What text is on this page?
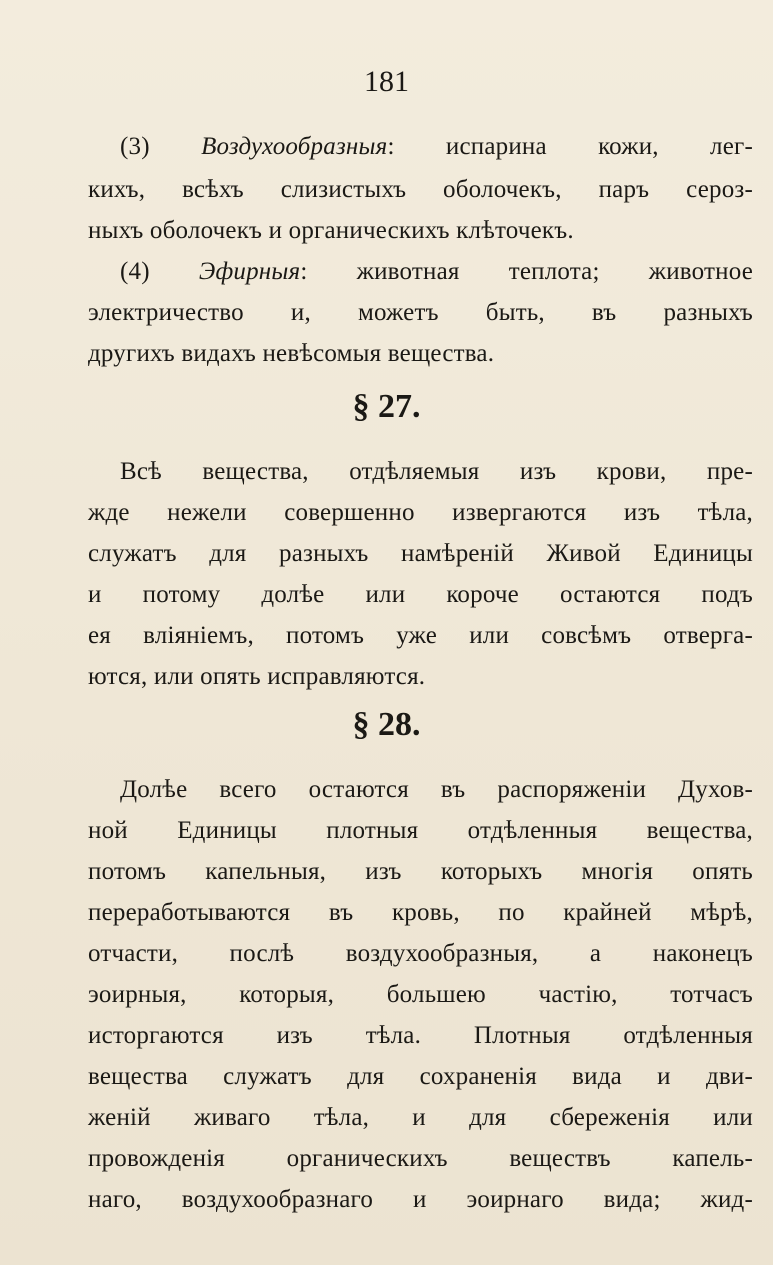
181
(3) Воздухообразныя: испарина кожи, лег-
кихъ, всѣхъ слизистыхъ оболочекъ, паръ сероз-
ныхъ оболочекъ и органическихъ клѣточекъ.
(4) Эфирныя: животная теплота; животное
электричество и, можетъ быть, въ разныхъ
другихъ видахъ невѣсомыя вещества.
§ 27.
Всѣ вещества, отдѣляемыя изъ крови, пре-
жде нежели совершенно извергаются изъ тѣла,
служатъ для разныхъ намѣренiй Живой Единицы
и потому долѣе или короче остаются подъ
ея влiянiемъ, потомъ уже или совсѣмъ отверга-
ются, или опять исправляются.
§ 28.
Долѣе всего остаются въ распоряженiи Духов-
ной Единицы плотныя отдѣленныя вещества,
потомъ капельныя, изъ которыхъ многiя опять
переработываются въ кровь, по крайней мѣрѣ,
отчасти, послѣ воздухообразныя, а наконецъ
эоирныя, которыя, большею частiю, тотчасъ
исторгаются изъ тѣла. Плотныя отдѣленныя
вещества служатъ для сохраненiя вида и дви-
женiй живаго тѣла, и для сбереженiя или
провожденiя органическихъ веществъ капель-
наго, воздухообразнаго и эоирнаго вида; жид-
